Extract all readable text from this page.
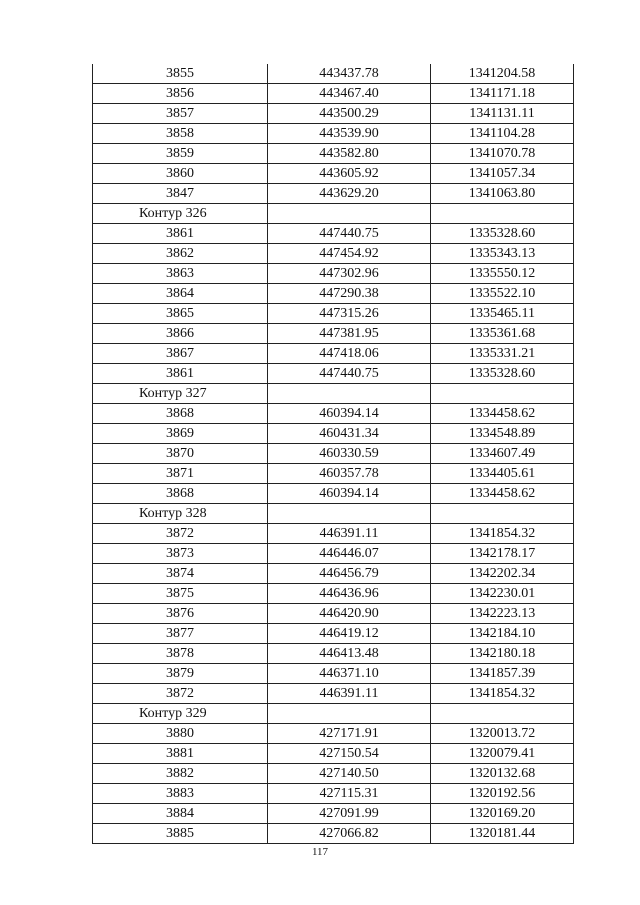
3855	443437.78	1341204.58
3856	443467.40	1341171.18
3857	443500.29	1341131.11
3858	443539.90	1341104.28
3859	443582.80	1341070.78
3860	443605.92	1341057.34
3847	443629.20	1341063.80
Контур 326		
3861	447440.75	1335328.60
3862	447454.92	1335343.13
3863	447302.96	1335550.12
3864	447290.38	1335522.10
3865	447315.26	1335465.11
3866	447381.95	1335361.68
3867	447418.06	1335331.21
3861	447440.75	1335328.60
Контур 327		
3868	460394.14	1334458.62
3869	460431.34	1334548.89
3870	460330.59	1334607.49
3871	460357.78	1334405.61
3868	460394.14	1334458.62
Контур 328		
3872	446391.11	1341854.32
3873	446446.07	1342178.17
3874	446456.79	1342202.34
3875	446436.96	1342230.01
3876	446420.90	1342223.13
3877	446419.12	1342184.10
3878	446413.48	1342180.18
3879	446371.10	1341857.39
3872	446391.11	1341854.32
Контур 329		
3880	427171.91	1320013.72
3881	427150.54	1320079.41
3882	427140.50	1320132.68
3883	427115.31	1320192.56
3884	427091.99	1320169.20
3885	427066.82	1320181.44
117
